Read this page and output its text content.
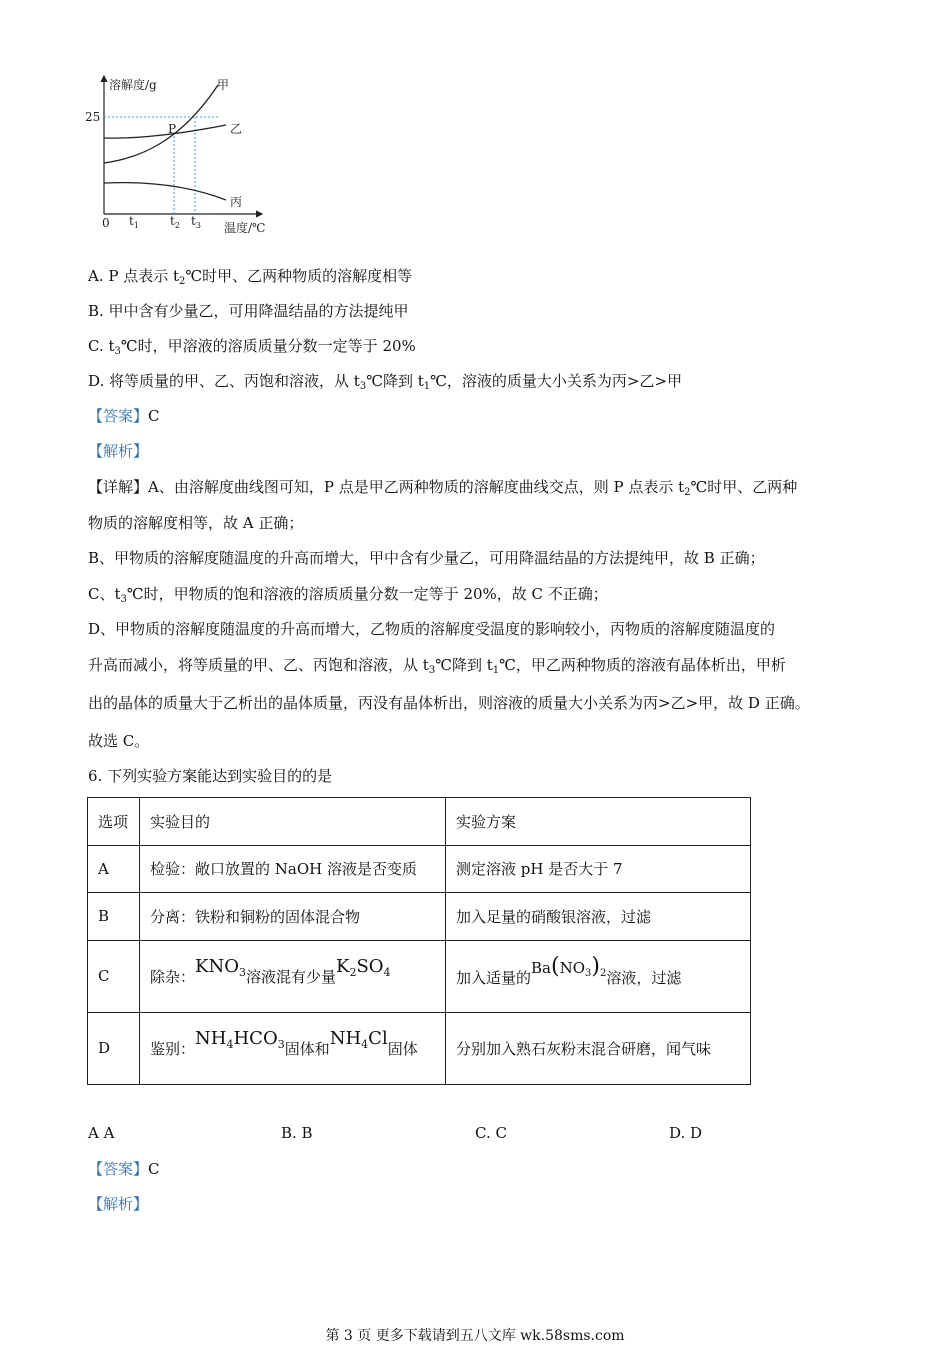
溶解度/g
温度/℃
25
0 $t_1$	$t_2$ $t_3$
P
甲
乙
丙
A. P 点表示 $t_2℃$时甲、乙两种物质的溶解度相等
B. 甲中含有少量乙，可用降温结晶的方法提纯甲
C. $t_3℃$时，甲溶液的溶质质量分数一定等于 20%
D. 将等质量的甲、乙、丙饱和溶液，从 $t_3℃$降到 $t_1℃$，溶液的质量大小关系为丙>乙>甲
【答案】C
【解析】
【详解】A、由溶解度曲线图可知，P 点是甲乙两种物质的溶解度曲线交点，则 P 点表示 $t_2℃$时甲、乙两种
物质的溶解度相等，故 A 正确；
B、甲物质的溶解度随温度的升高而增大，甲中含有少量乙，可用降温结晶的方法提纯甲，故 B 正确；
C、$t_3℃$时，甲物质的饱和溶液的溶质质量分数一定等于 20%，故 C 不正确；
D、甲物质的溶解度随温度的升高而增大，乙物质的溶解度受温度的影响较小，丙物质的溶解度随温度的
升高而减小，将等质量的甲、乙、丙饱和溶液，从 $t_3℃$降到 $t_1℃$，甲乙两种物质的溶液有晶体析出，甲析
出的晶体的质量大于乙析出的晶体质量，丙没有晶体析出，则溶液的质量大小关系为丙>乙>甲，故 D 正确。
故选 C。
6. 下列实验方案能达到实验目的的是
选项	实验目的	实验方案
A	检验：敞口放置的 NaOH 溶液是否变质	测定溶液 pH 是否大于 7
B	分离：铁粉和铜粉的固体混合物	加入足量的硝酸银溶液，过滤
C	除杂：$KNO_3$溶液混有少量$K_2SO_4$	加入适量的$Ba(NO_3)_2$溶液，过滤
D	鉴别：$NH_4HCO_3$固体和$NH_4Cl$固体	分别加入熟石灰粉末混合研磨，闻气味
A A	B. B	C. C	D. D
【答案】C
【解析】
第 3 页 更多下载请到五八文库 wk.58sms.com
